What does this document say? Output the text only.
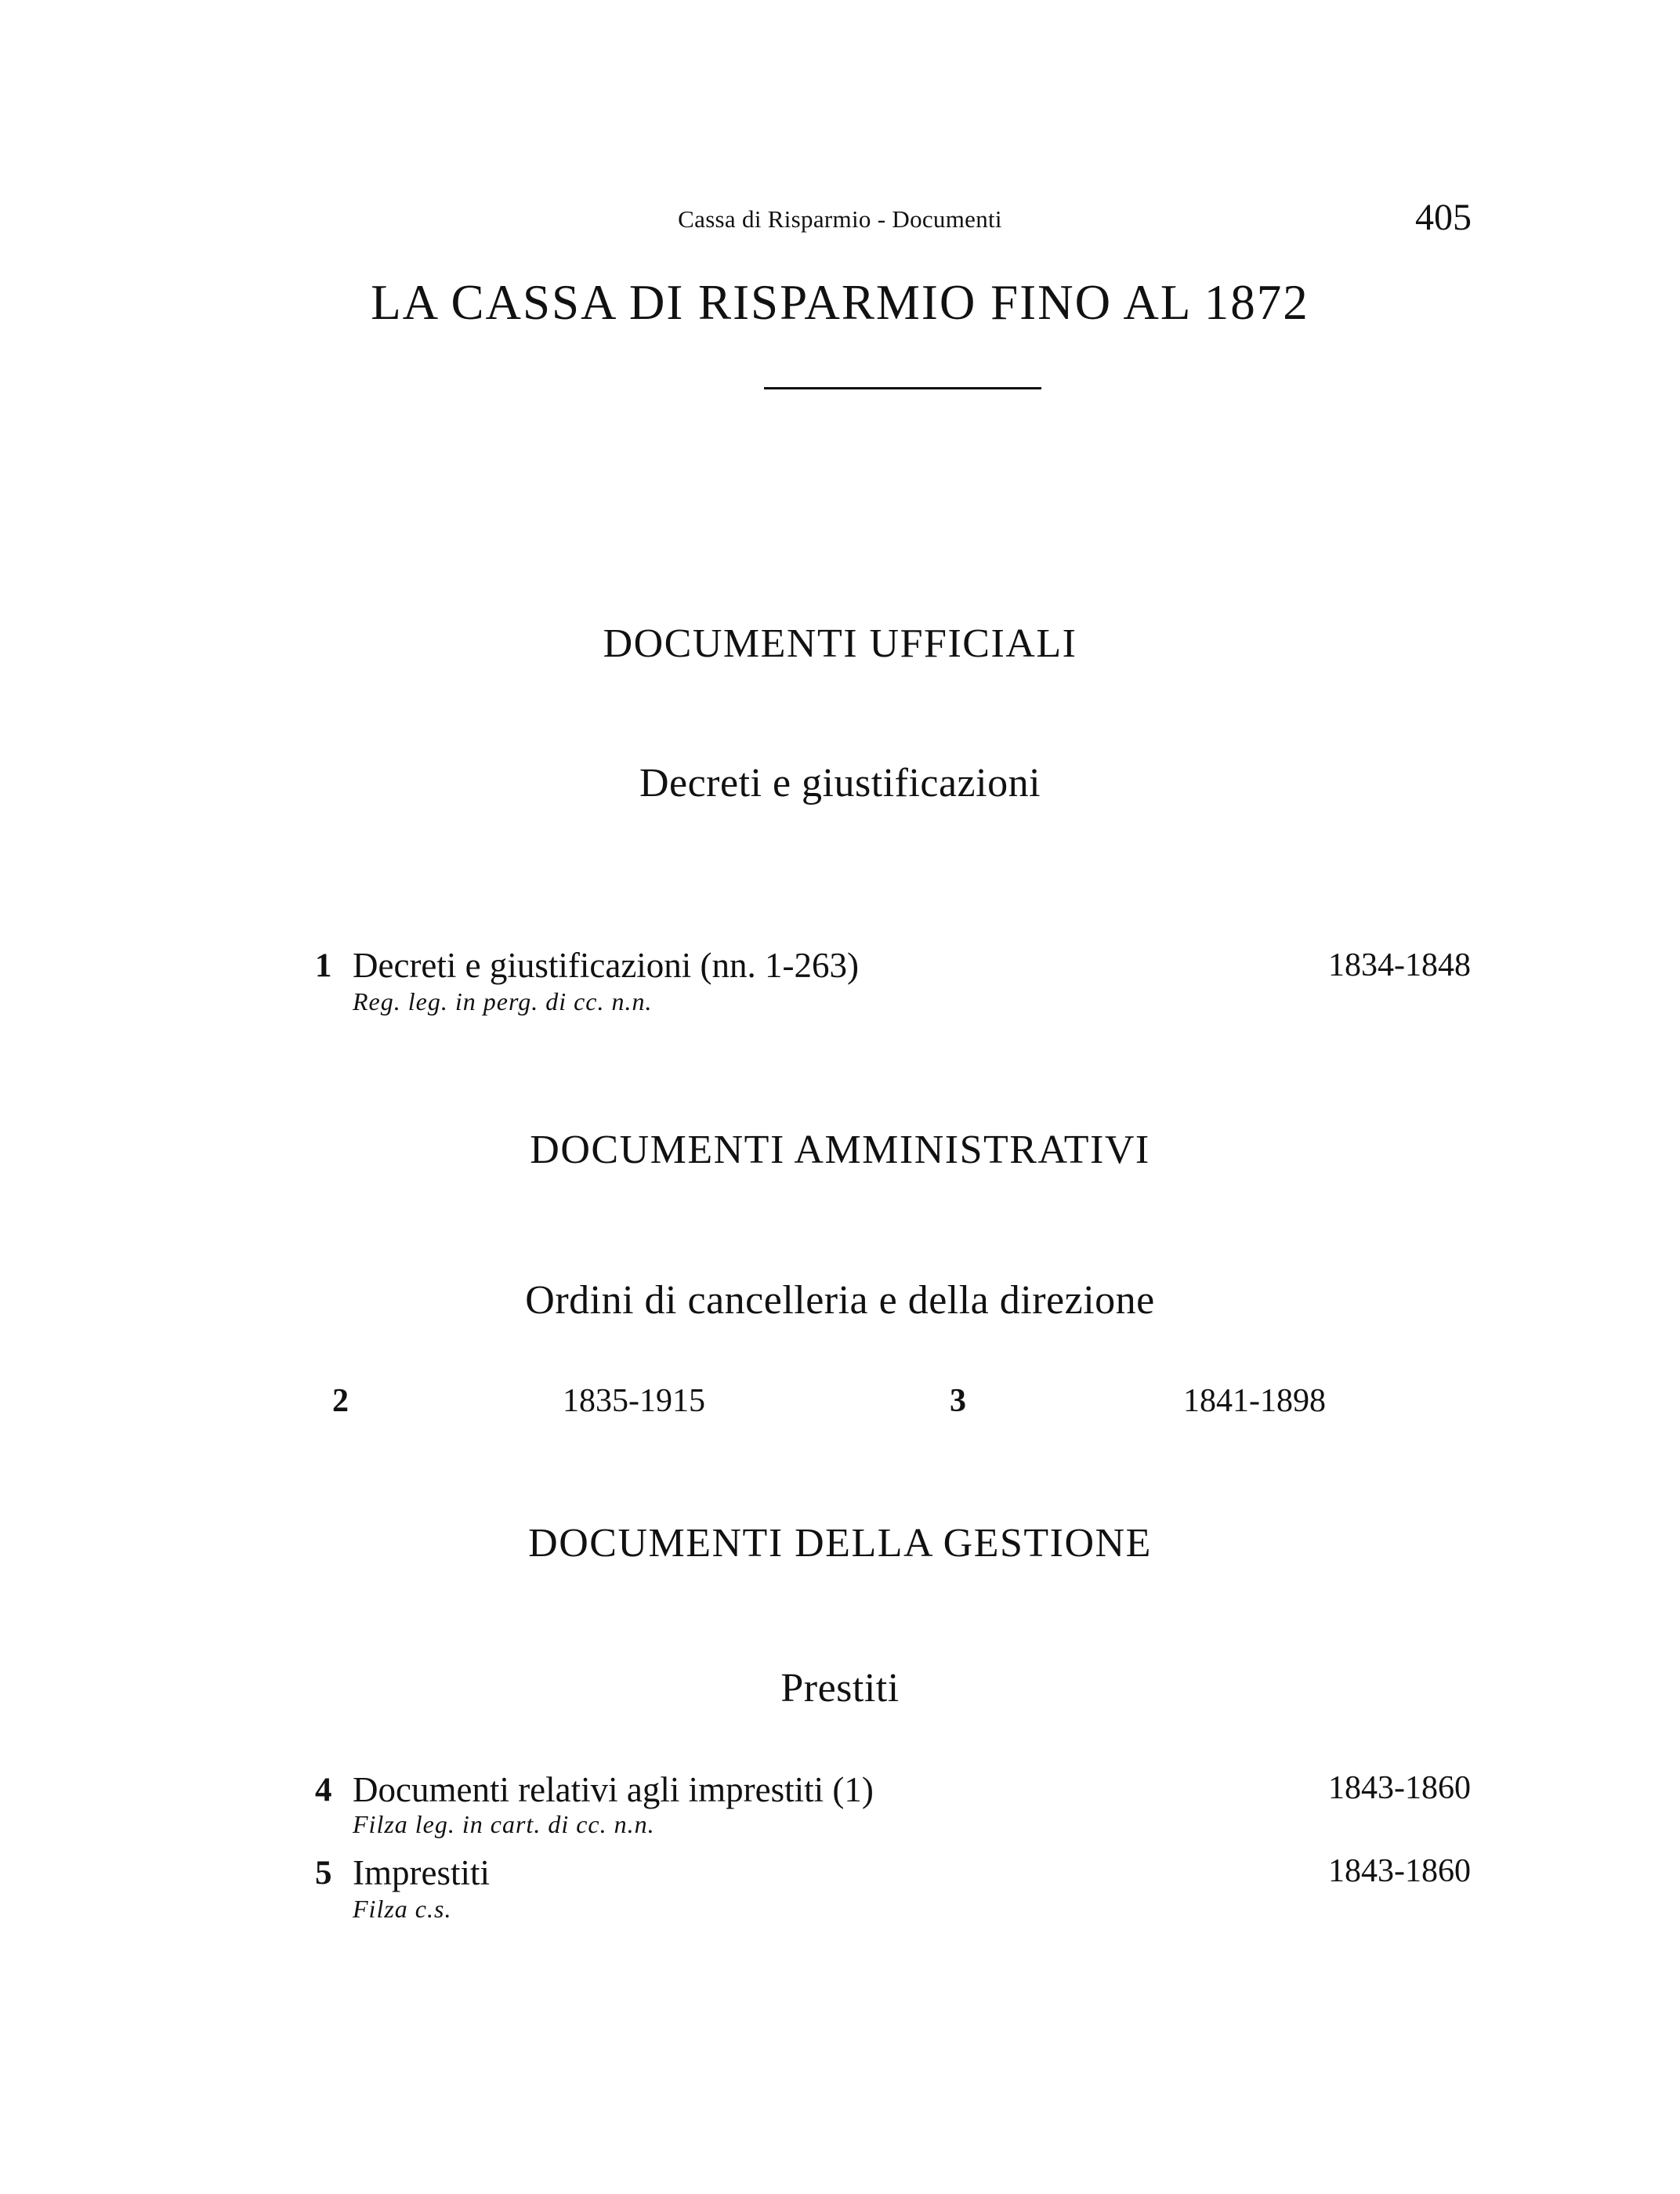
Cassa di Risparmio - Documenti	405
LA CASSA DI RISPARMIO FINO AL 1872
DOCUMENTI UFFICIALI
Decreti e giustificazioni
1 Decreti e giustificazioni (nn. 1-263)
Reg. leg. in perg. di cc. n.n.
1834-1848
DOCUMENTI AMMINISTRATIVI
Ordini di cancelleria e della direzione
2	1835-1915	3	1841-1898
DOCUMENTI DELLA GESTIONE
Prestiti
4 Documenti relativi agli imprestiti (1)
Filza leg. in cart. di cc. n.n.
1843-1860
5 Imprestiti
Filza c.s.
1843-1860
